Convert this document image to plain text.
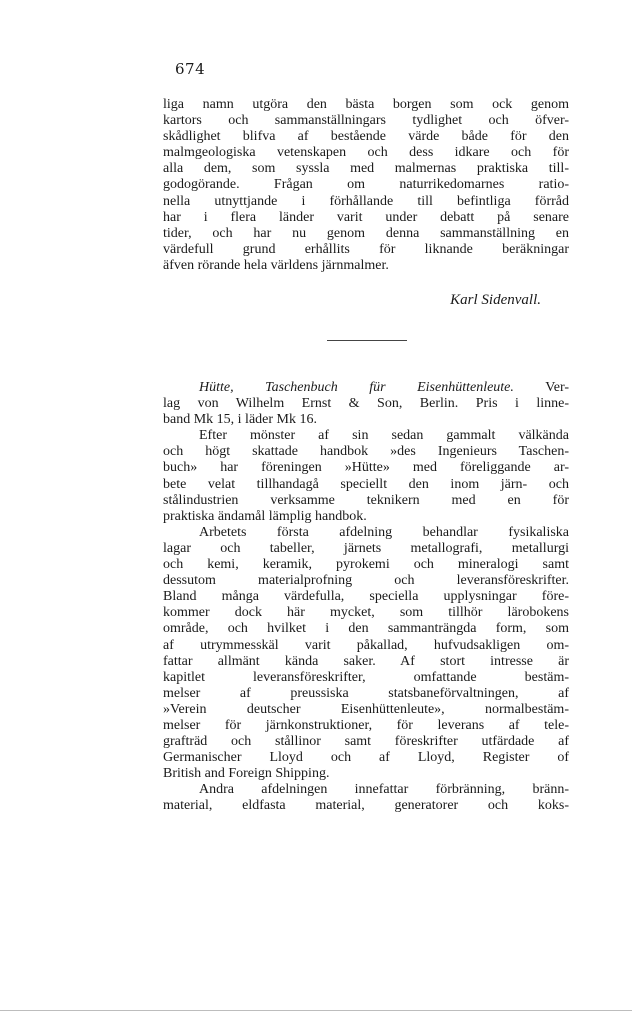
674
liga namn utgöra den bästa borgen som ock genom
kartors och sammanställningars tydlighet och öfver-
skådlighet blifva af bestående värde både för den
malmgeologiska vetenskapen och dess idkare och för
alla dem, som syssla med malmernas praktiska till-
godogörande. Frågan om naturrikedomarnes ratio-
nella utnyttjande i förhållande till befintliga förråd
har i flera länder varit under debatt på senare
tider, och har nu genom denna sammanställning en
värdefull grund erhållits för liknande beräkningar
äfven rörande hela världens järnmalmer.
Karl Sidenvall.
Hütte, Taschenbuch für Eisenhüttenleute. Ver-
lag von Wilhelm Ernst & Son, Berlin. Pris i linne-
band Mk 15, i läder Mk 16.
Efter mönster af sin sedan gammalt välkända
och högt skattade handbok »des Ingenieurs Taschen-
buch» har föreningen »Hütte» med föreliggande ar-
bete velat tillhandagå speciellt den inom järn- och
stålindustrien verksamme teknikern med en för
praktiska ändamål lämplig handbok.
Arbetets första afdelning behandlar fysikaliska
lagar och tabeller, järnets metallografi, metallurgi
och kemi, keramik, pyrokemi och mineralogi samt
dessutom materialprofning och leveransföreskrifter.
Bland många värdefulla, speciella upplysningar före-
kommer dock här mycket, som tillhör lärobokens
område, och hvilket i den sammanträngda form, som
af utrymmesskäl varit påkallad, hufvudsakligen om-
fattar allmänt kända saker. Af stort intresse är
kapitlet leveransföreskrifter, omfattande bestäm-
melser af preussiska statsbaneförvaltningen, af
»Verein deutscher Eisenhüttenleute», normalbestäm-
melser för järnkonstruktioner, för leverans af tele-
grafträd och stållinor samt föreskrifter utfärdade af
Germanischer Lloyd och af Lloyd, Register of
British and Foreign Shipping.
Andra afdelningen innefattar förbränning, bränn-
material, eldfasta material, generatorer och koks-
